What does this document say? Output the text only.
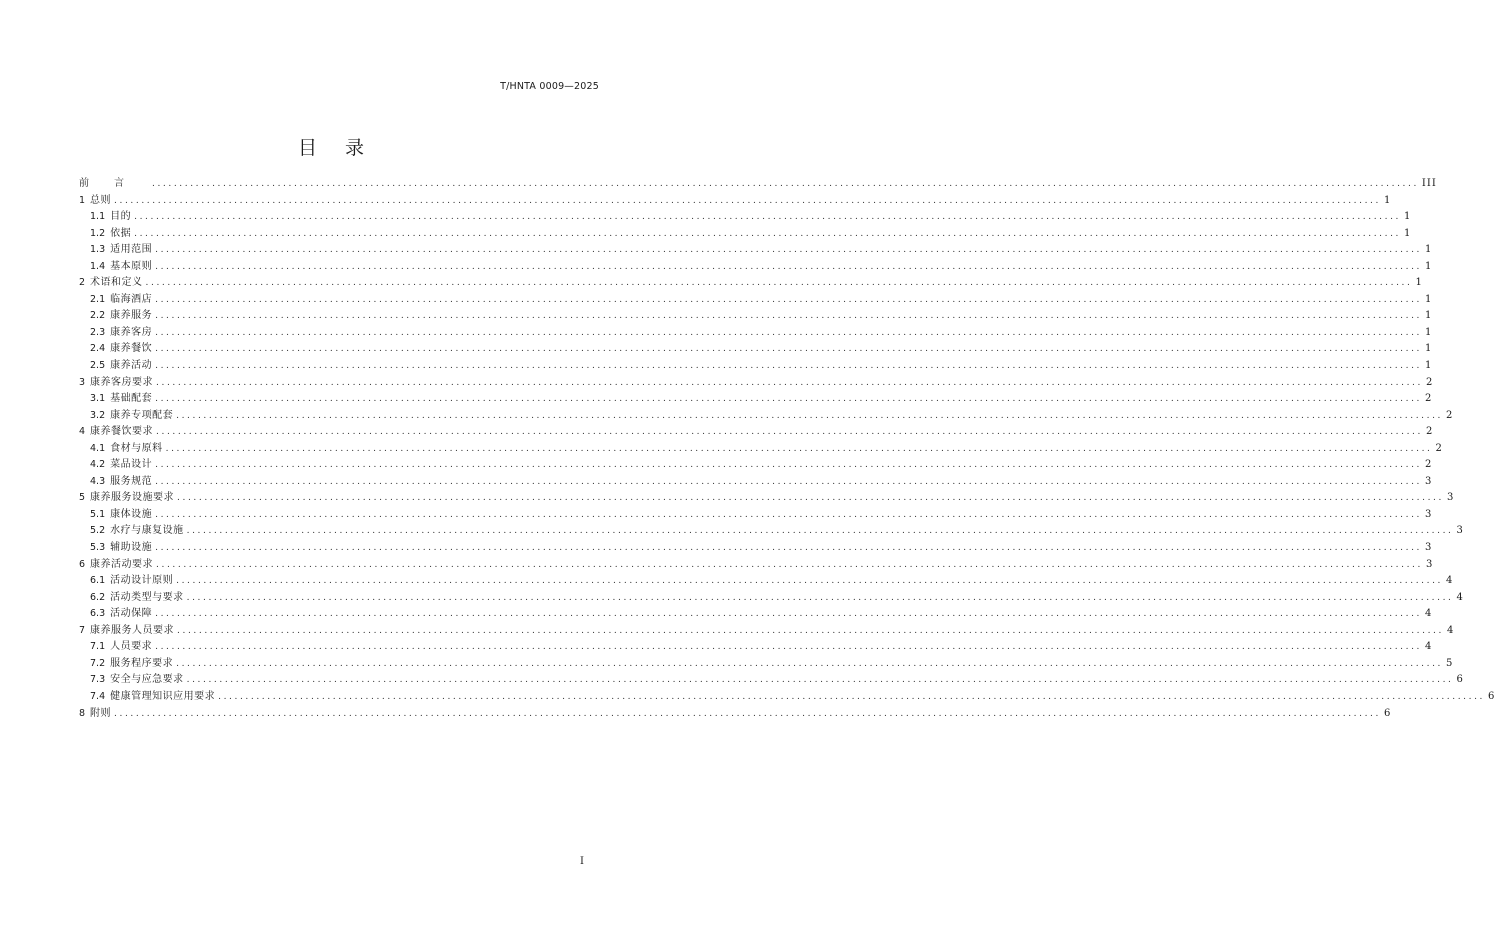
T/HNTA 0009—2025
目录
前言 ........................................................................................................................................................................................................................................ III
1 总则 ........................................................................................................................................................................................................................................ 1
1.1 目的 ........................................................................................................................................................................................................................................ 1
1.2 依据 ........................................................................................................................................................................................................................................ 1
1.3 适用范围 ........................................................................................................................................................................................................................................ 1
1.4 基本原则 ........................................................................................................................................................................................................................................ 1
2 术语和定义 ........................................................................................................................................................................................................................................ 1
2.1 临海酒店 ........................................................................................................................................................................................................................................ 1
2.2 康养服务 ........................................................................................................................................................................................................................................ 1
2.3 康养客房 ........................................................................................................................................................................................................................................ 1
2.4 康养餐饮 ........................................................................................................................................................................................................................................ 1
2.5 康养活动 ........................................................................................................................................................................................................................................ 1
3 康养客房要求 ........................................................................................................................................................................................................................................ 2
3.1 基础配套 ........................................................................................................................................................................................................................................ 2
3.2 康养专项配套 ........................................................................................................................................................................................................................................ 2
4 康养餐饮要求 ........................................................................................................................................................................................................................................ 2
4.1 食材与原料 ........................................................................................................................................................................................................................................ 2
4.2 菜品设计 ........................................................................................................................................................................................................................................ 2
4.3 服务规范 ........................................................................................................................................................................................................................................ 3
5 康养服务设施要求 ........................................................................................................................................................................................................................................ 3
5.1 康体设施 ........................................................................................................................................................................................................................................ 3
5.2 水疗与康复设施 ........................................................................................................................................................................................................................................ 3
5.3 辅助设施 ........................................................................................................................................................................................................................................ 3
6 康养活动要求 ........................................................................................................................................................................................................................................ 3
6.1 活动设计原则 ........................................................................................................................................................................................................................................ 4
6.2 活动类型与要求 ........................................................................................................................................................................................................................................ 4
6.3 活动保障 ........................................................................................................................................................................................................................................ 4
7 康养服务人员要求 ........................................................................................................................................................................................................................................ 4
7.1 人员要求 ........................................................................................................................................................................................................................................ 4
7.2 服务程序要求 ........................................................................................................................................................................................................................................ 5
7.3 安全与应急要求 ........................................................................................................................................................................................................................................ 6
7.4 健康管理知识应用要求 ........................................................................................................................................................................................................................................ 6
8 附则 ........................................................................................................................................................................................................................................ 6
I
